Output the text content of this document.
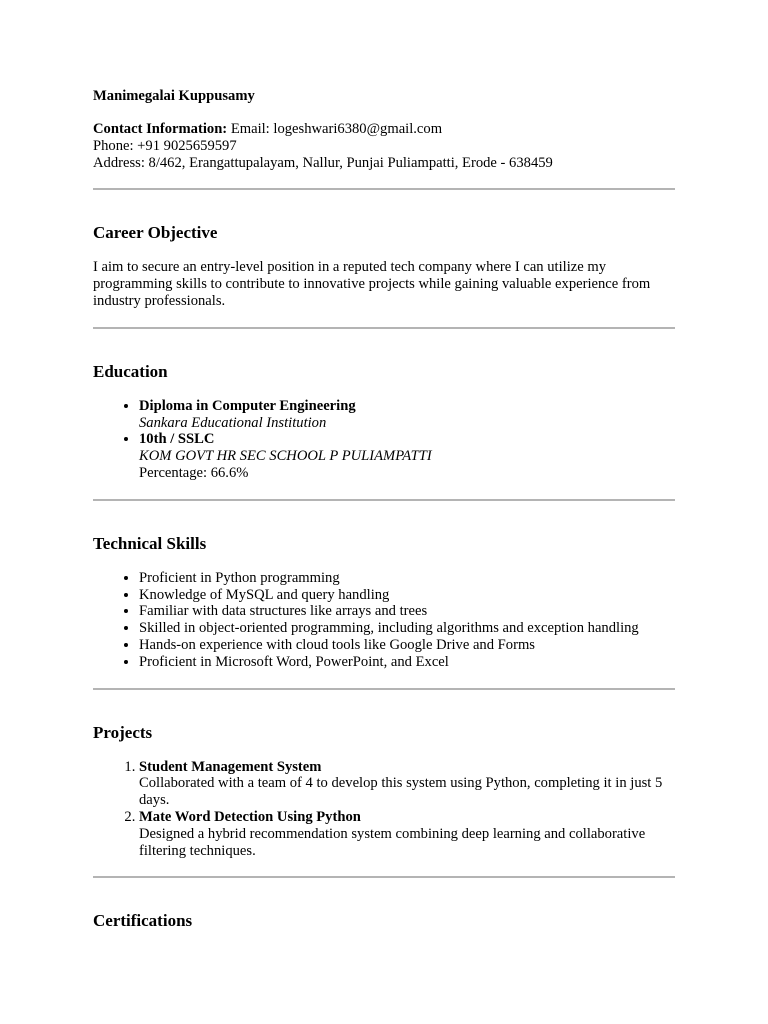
Manimegalai Kuppusamy

Contact Information: Email: logeshwari6380@gmail.com

Phone: +91 9025659597

Address: 8/462, Erangattupalayam, Nallur, Punjai Puliampatti, Erode - 638459

Career Objective

I aim to secure an entry-level position in a reputed tech company where I can utilize my programming skills to contribute to innovative projects while gaining valuable experience from industry professionals.

Education
• Diploma in Computer Engineering
Sankara Educational Institution
• 10th / SSLC
KOM GOVT HR SEC SCHOOL P PULIAMPATTI
Percentage: 66.6%
Technical Skills
• Proficient in Python programming
• Knowledge of MySQL and query handling
• Familiar with data structures like arrays and trees
• Skilled in object-oriented programming, including algorithms and exception handling
• Hands-on experience with cloud tools like Google Drive and Forms
• Proficient in Microsoft Word, PowerPoint, and Excel
Projects
1. Student Management System
Collaborated with a team of 4 to develop this system using Python, completing it in just 5 days.
2. Mate Word Detection Using Python
Designed a hybrid recommendation system combining deep learning and collaborative filtering techniques.
Certifications
